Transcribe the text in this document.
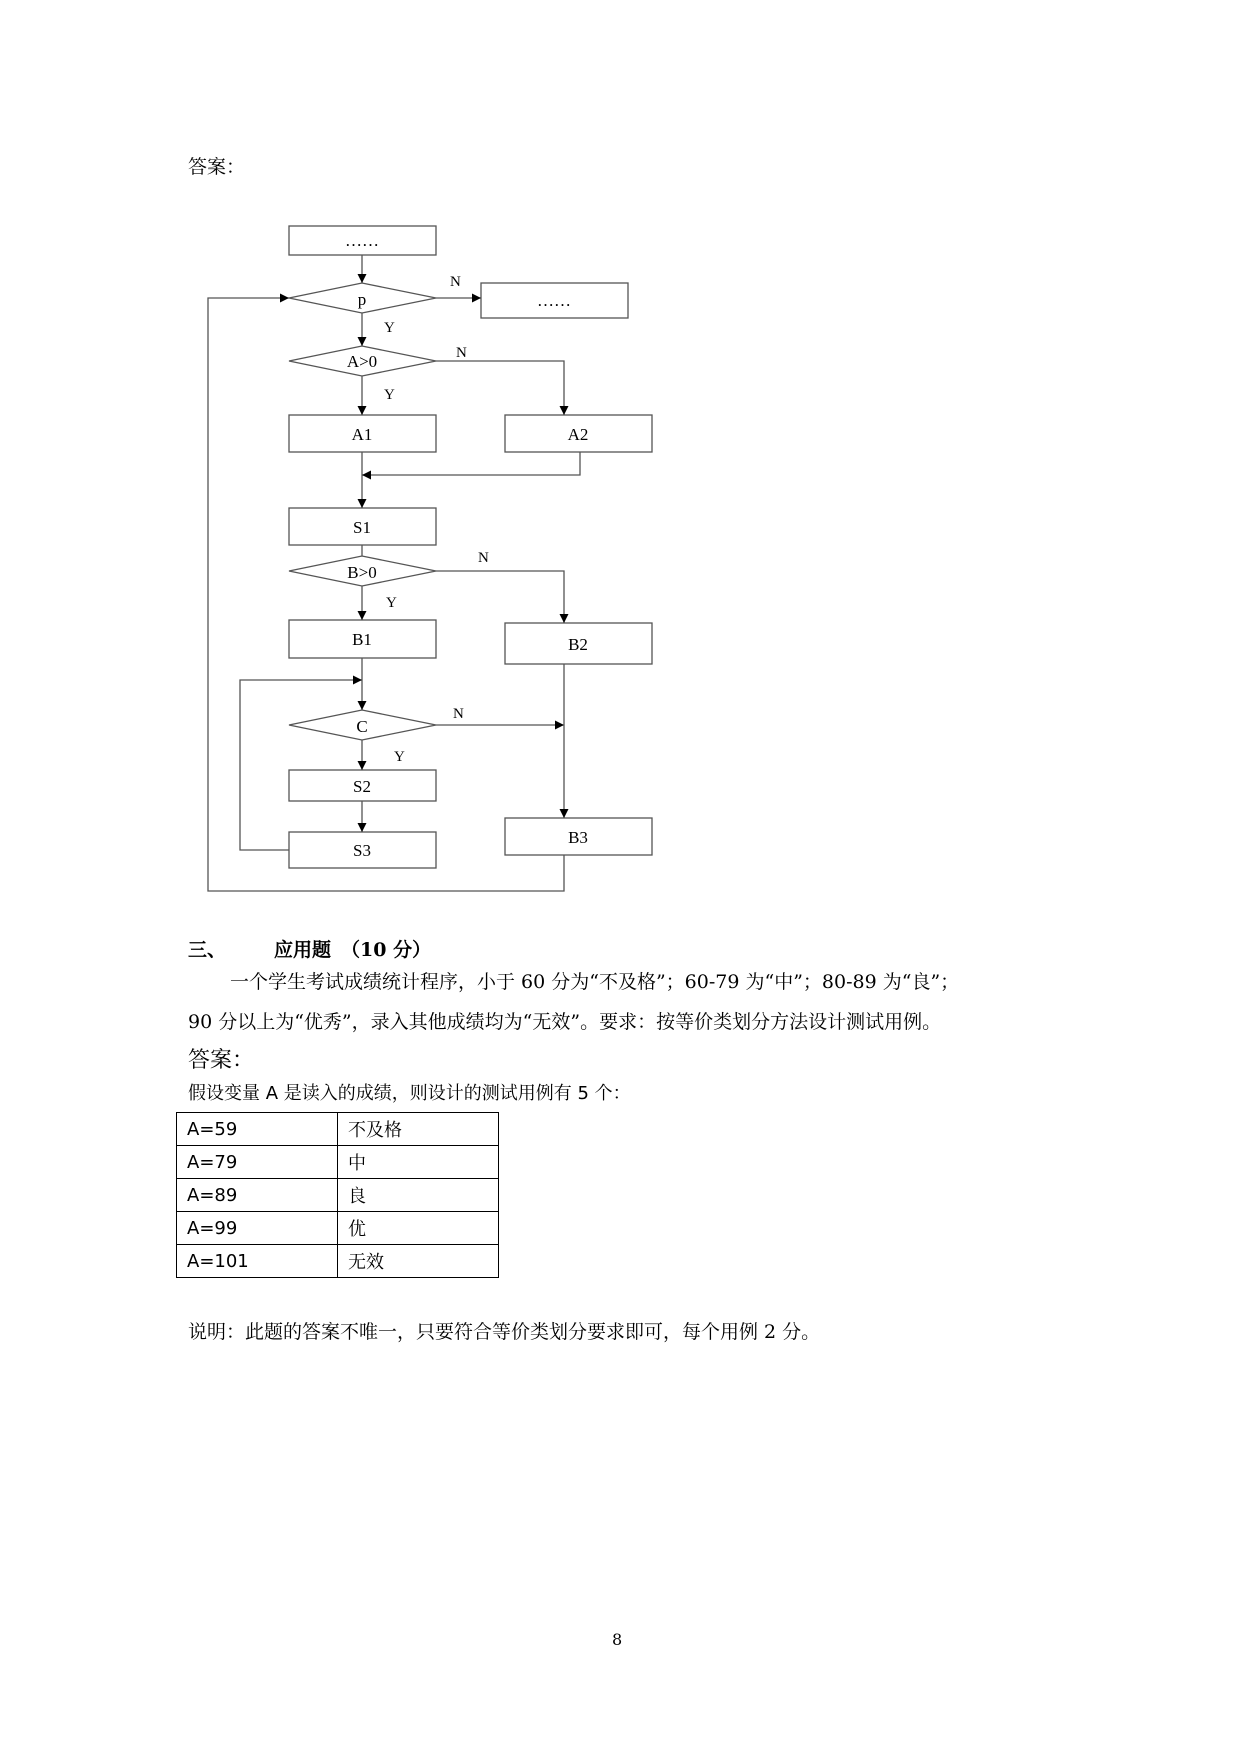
答案：
……
p	……
A>0
A1	A2
S1
B>0
B1	B2
C
S2
S3
B3
N
Y
N
Y
N
Y
N
Y
三、	应用题 （10 分）
一个学生考试成绩统计程序，小于 60 分为“不及格”；60-79 为“中”；80-89 为“良”；
90 分以上为“优秀”，录入其他成绩均为“无效”。要求：按等价类划分方法设计测试用例。
答案：
假设变量 A 是读入的成绩，则设计的测试用例有 5 个：
A=59	不及格
A=79	中
A=89	良
A=99	优
A=101	无效
说明：此题的答案不唯一，只要符合等价类划分要求即可，每个用例 2 分。
8
